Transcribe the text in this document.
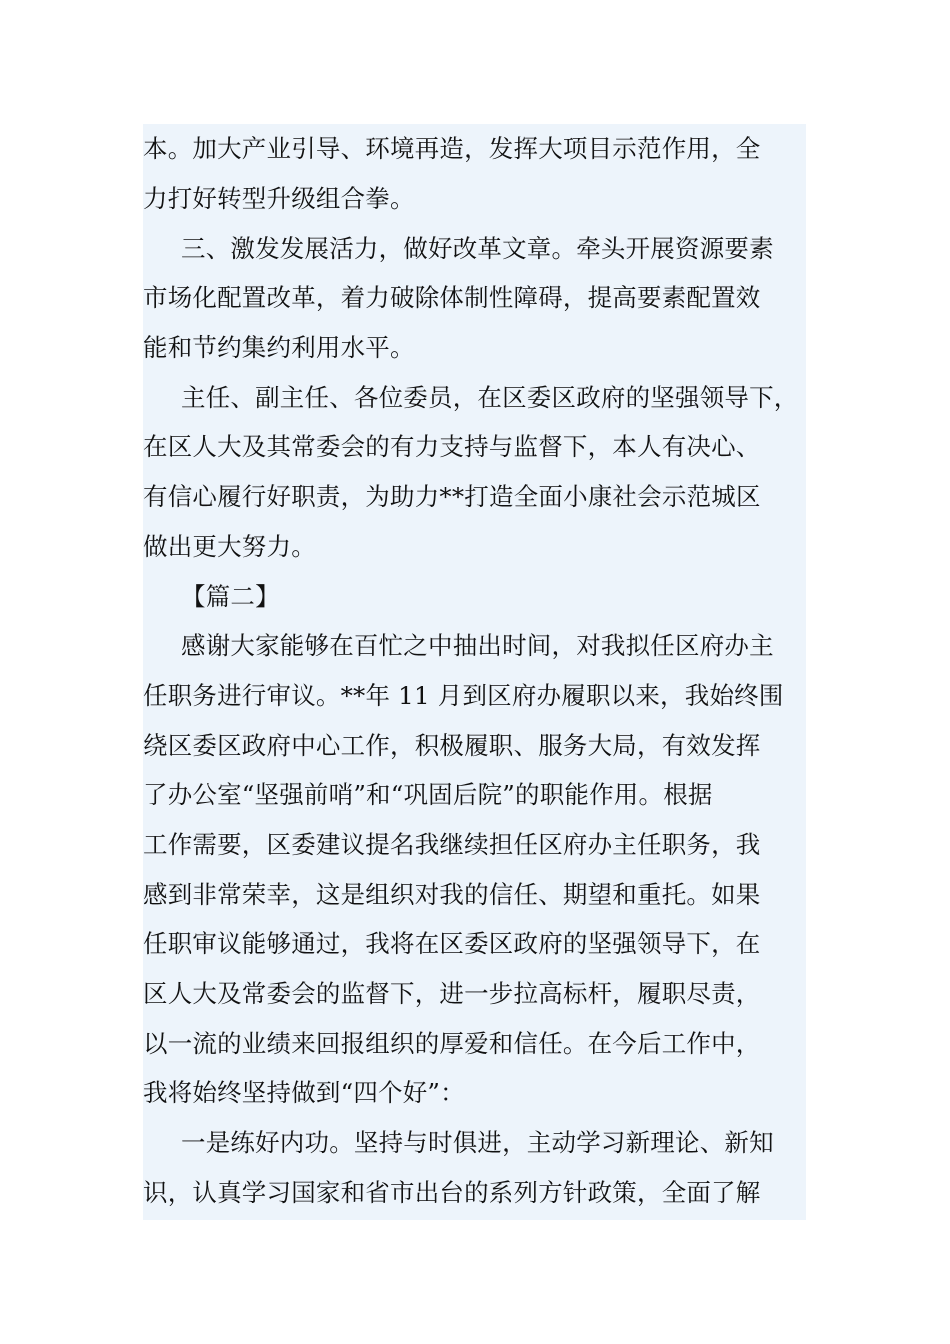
本。加大产业引导、环境再造，发挥大项目示范作用，全
力打好转型升级组合拳。
三、激发发展活力，做好改革文章。牵头开展资源要素
市场化配置改革，着力破除体制性障碍，提高要素配置效
能和节约集约利用水平。
主任、副主任、各位委员，在区委区政府的坚强领导下，
在区人大及其常委会的有力支持与监督下，本人有决心、
有信心履行好职责，为助力**打造全面小康社会示范城区
做出更大努力。
【篇二】
感谢大家能够在百忙之中抽出时间，对我拟任区府办主
任职务进行审议。**年 11 月到区府办履职以来，我始终围
绕区委区政府中心工作，积极履职、服务大局，有效发挥
了办公室“坚强前哨”和“巩固后院”的职能作用。根据
工作需要，区委建议提名我继续担任区府办主任职务，我
感到非常荣幸，这是组织对我的信任、期望和重托。如果
任职审议能够通过，我将在区委区政府的坚强领导下，在
区人大及常委会的监督下，进一步拉高标杆，履职尽责，
以一流的业绩来回报组织的厚爱和信任。在今后工作中，
我将始终坚持做到“四个好”：
一是练好内功。坚持与时俱进，主动学习新理论、新知
识，认真学习国家和省市出台的系列方针政策，全面了解
